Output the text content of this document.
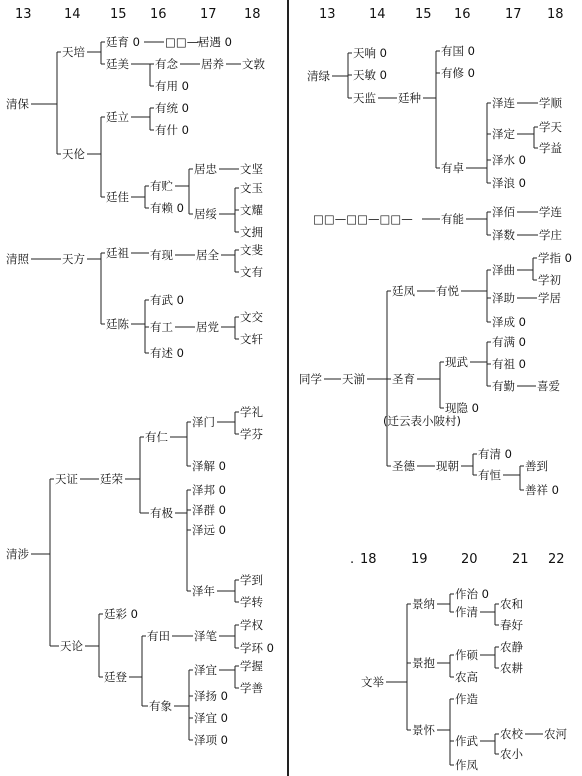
13 14 15 16	17 18	13	14 15 16	17 18
. 18	19	20	21 22
清保
天培
廷育 0 □□— 居遇 0
廷美 有念 居养 文敦
有用 0
天伦
廷立
有统 0
有什 0
廷佳
有贮
居忠 文坚
居绥
文玉
文耀
文拥
有赖 0
清照	天方 廷祖 有现 居全 文斐
文有
廷陈
有武 0
有工 居党
文交
文轩
有述 0
清涉
天证 廷荣
有仁
泽门
学礼
学芬
泽解 0
有极
泽邦 0
泽群 0
泽远 0
泽年
学到
学转
天论
廷彩 0
廷登
有田 泽笔
学权
学环 0
有象
泽宜 学握
学善
泽扬 0
泽宜 0
泽项 0
清绿
天响 0
天敏 0
天监 廷种
有国 0
有修 0
有卓
泽连 学顺
泽定 学天
学益
泽水 0
泽浪 0
□□—□□—□□— 有能 泽佰 学连
泽数 学庄
同学 天湔
廷凤 有悦
泽曲
学指 0
学初
泽助 学居
泽成 0
圣育
现武
有满 0
有祖 0
有勤 喜爱
现隐 0
圣德 现朝
有清 0
有恒
善到
善祥 0
文举
景纳
作治 0
作清
农和
春好
景抱
作硕
农静
农耕
农高
景怀
作造
作武 农校 农河
农小
作凤
(迁云表小陂村)
